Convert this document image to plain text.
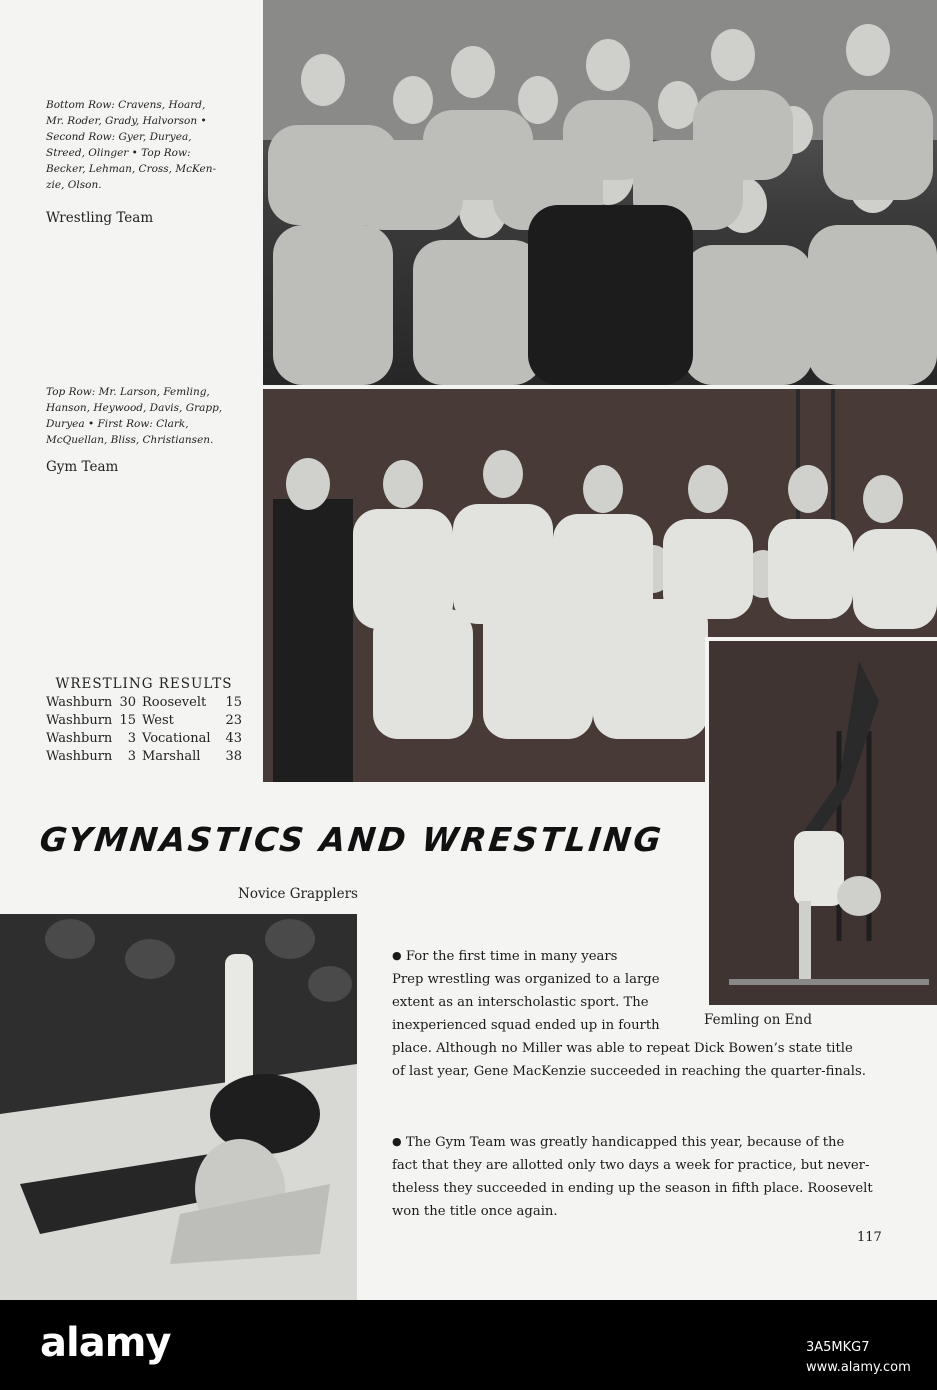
Bottom Row: Cravens, Hoard,
Mr. Roder, Grady, Halvorson •
Second Row: Gyer, Duryea,
Streed, Olinger • Top Row:
Becker, Lehman, Cross, McKen-
zie, Olson.
Wrestling Team
Top Row: Mr. Larson, Femling,
Hanson, Heywood, Davis, Grapp,
Duryea • First Row: Clark,
McQuellan, Bliss, Christiansen.
Gym Team
WRESTLING RESULTS
Washburn 30 Roosevelt	15
Washburn 15 West	23
Washburn	3 Vocational	43
Washburn	3 Marshall	38
GYMNASTICS AND WRESTLING
Novice Grapplers
Femling on End
● For the first time in many years
Prep wrestling was organized to a large
extent as an interscholastic sport. The
inexperienced squad ended up in fourth
place. Although no Miller was able to repeat Dick Bowen’s state title
of last year, Gene MacKenzie succeeded in reaching the quarter-finals.
● The Gym Team was greatly handicapped this year, because of the
fact that they are allotted only two days a week for practice, but never-
theless they succeeded in ending up the season in fifth place. Roosevelt
won the title once again.
117
alamy	3A5MKG7
www.alamy.com
